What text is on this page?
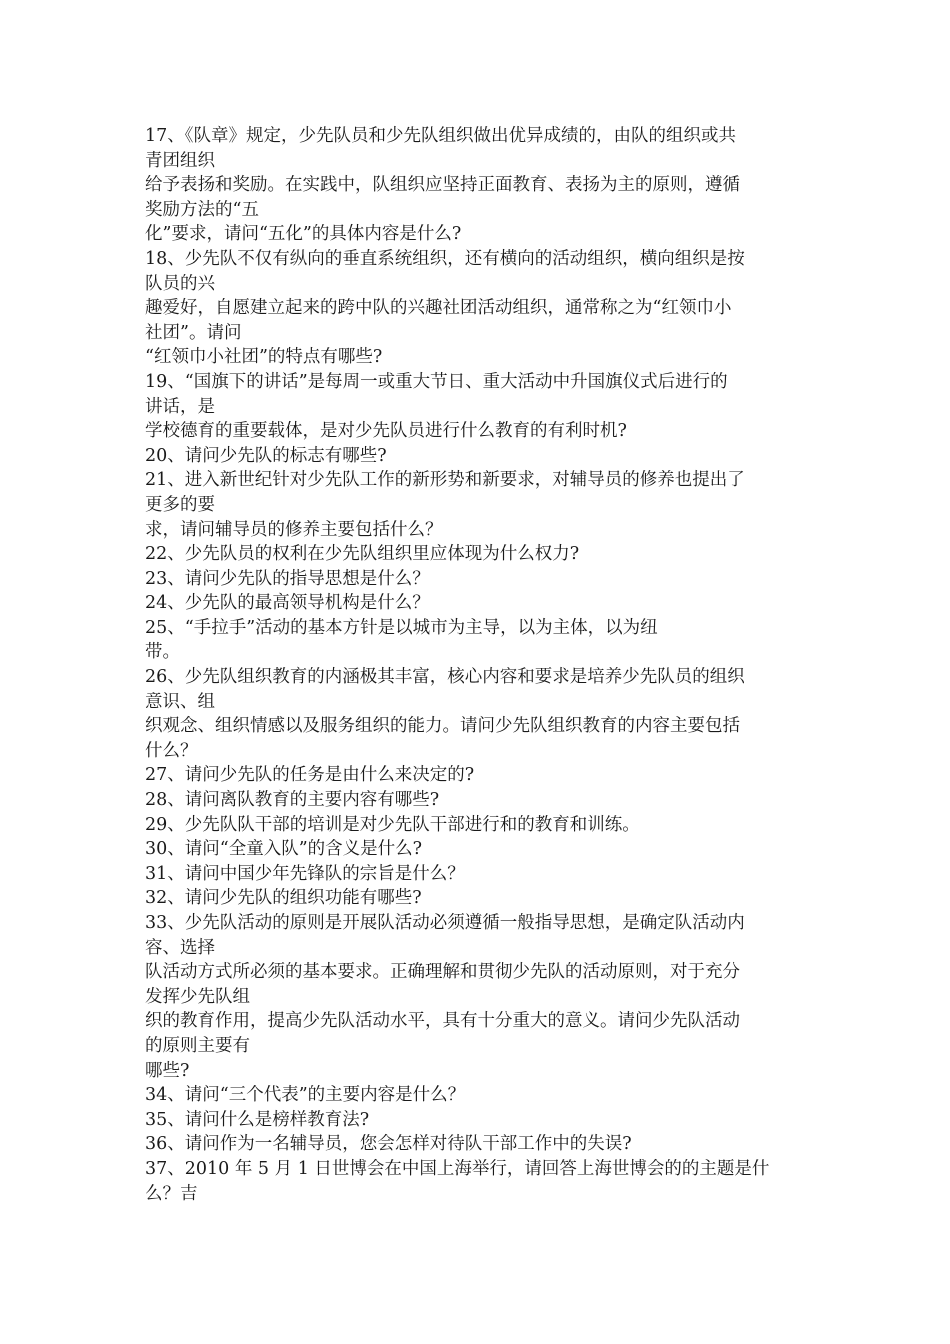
17、《队章》规定，少先队员和少先队组织做出优异成绩的，由队的组织或共
青团组织
给予表扬和奖励。在实践中，队组织应坚持正面教育、表扬为主的原则，遵循
奖励方法的“五
化”要求，请问“五化”的具体内容是什么?
18、少先队不仅有纵向的垂直系统组织，还有横向的活动组织，横向组织是按
队员的兴
趣爱好，自愿建立起来的跨中队的兴趣社团活动组织，通常称之为“红领巾小
社团”。请问
“红领巾小社团”的特点有哪些?
19、“国旗下的讲话”是每周一或重大节日、重大活动中升国旗仪式后进行的
讲话，是
学校德育的重要载体，是对少先队员进行什么教育的有利时机?
20、请问少先队的标志有哪些?
21、进入新世纪针对少先队工作的新形势和新要求，对辅导员的修养也提出了
更多的要
求，请问辅导员的修养主要包括什么？
22、少先队员的权利在少先队组织里应体现为什么权力?
23、请问少先队的指导思想是什么？
24、少先队的最高领导机构是什么？
25、“手拉手”活动的基本方针是以城市为主导，以为主体，以为纽
带。
26、少先队组织教育的内涵极其丰富，核心内容和要求是培养少先队员的组织
意识、组
织观念、组织情感以及服务组织的能力。请问少先队组织教育的内容主要包括
什么？
27、请问少先队的任务是由什么来决定的?
28、请问离队教育的主要内容有哪些?
29、少先队队干部的培训是对少先队干部进行和的教育和训练。
30、请问“全童入队”的含义是什么?
31、请问中国少年先锋队的宗旨是什么？
32、请问少先队的组织功能有哪些?
33、少先队活动的原则是开展队活动必须遵循一般指导思想，是确定队活动内
容、选择
队活动方式所必须的基本要求。正确理解和贯彻少先队的活动原则，对于充分
发挥少先队组
织的教育作用，提高少先队活动水平，具有十分重大的意义。请问少先队活动
的原则主要有
哪些?
34、请问“三个代表”的主要内容是什么？
35、请问什么是榜样教育法?
36、请问作为一名辅导员，您会怎样对待队干部工作中的失误?
37、2010 年 5 月 1 日世博会在中国上海举行，请回答上海世博会的的主题是什
么？吉
